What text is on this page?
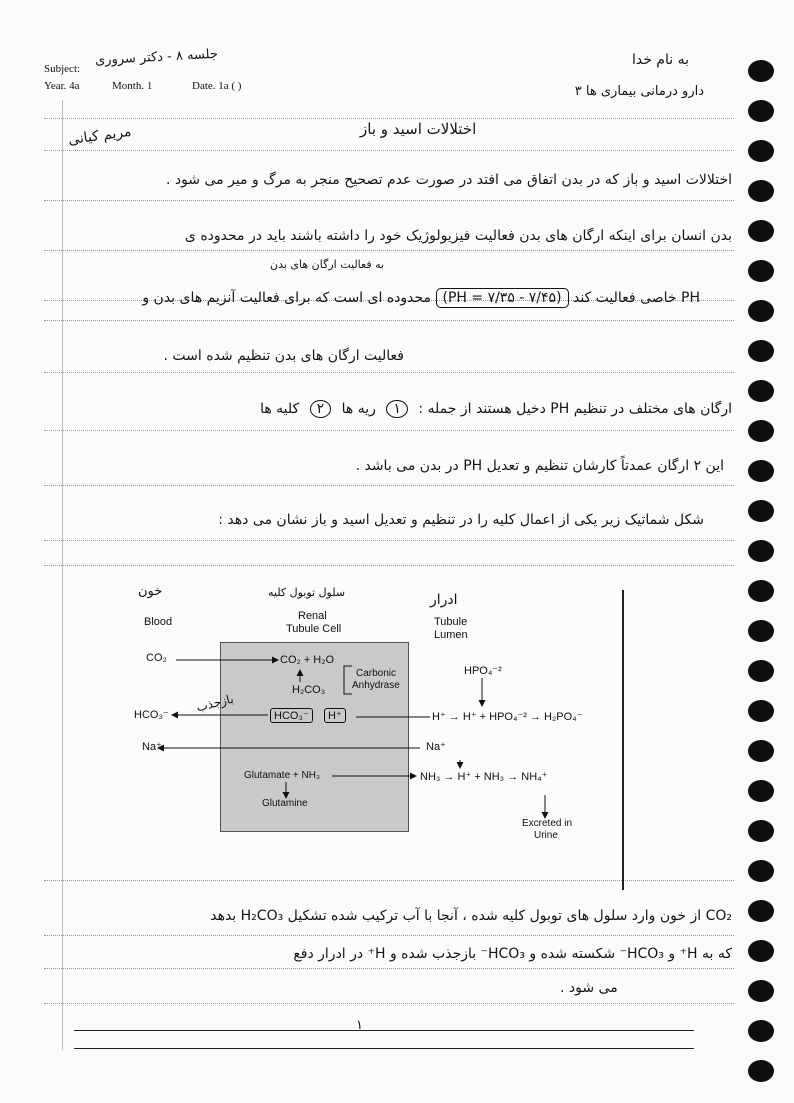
Subject:
جلسه ۸ - دکتر سروری
Year. 4a	Month. 1	Date. 1a ( )
به نام خدا
دارو درمانی بیماری ها ۳
اختلالات اسید و باز
مریم کیانی
اختلالات اسید و باز که در بدن اتفاق می افتد در صورت عدم تصحیح منجر به مرگ و میر می شود .
بدن انسان برای اینکه ارگان های بدن فعالیت فیزیولوژیک خود را داشته باشند باید در محدوده ی
به فعالیت ارگان های بدن
PH خاصی فعالیت کند (PH = ۷/۳۵ - ۷/۴۵) محدوده ای است که برای فعالیت آنزیم های بدن و
فعالیت ارگان های بدن تنظیم شده است .
ارگان های مختلف در تنظیم PH دخیل هستند از جمله : ۱ ریه ها ۲ کلیه ها
این ۲ ارگان عمدتاً کارشان تنظیم و تعدیل PH در بدن می باشد .
شکل شماتیک زیر یکی از اعمال کلیه را در تنظیم و تعدیل اسید و باز نشان می دهد :
خون
Blood
سلول توبول کلیه
Renal
Tubule Cell
ادرار
Tubule
Lumen
CO₂	CO₂ + H₂O
Carbonic
Anhydrase
H₂CO₃
HCO₃⁻	HCO₃⁻	H⁺
بازجذب
Na⁺	Na⁺
Glutamate + NH₃
Glutamine
HPO₄⁻²
H⁺ → H⁺ + HPO₄⁻² → H₂PO₄⁻
NH₃ → H⁺ + NH₃ → NH₄⁺
Excreted in
Urine
CO₂ از خون وارد سلول های توبول کلیه شده ، آنجا با آب ترکیب شده تشکیل H₂CO₃ بدهد
که به H⁺ و HCO₃⁻ شکسته شده و HCO₃⁻ بازجذب شده و H⁺ در ادرار دفع
می شود .
۱
